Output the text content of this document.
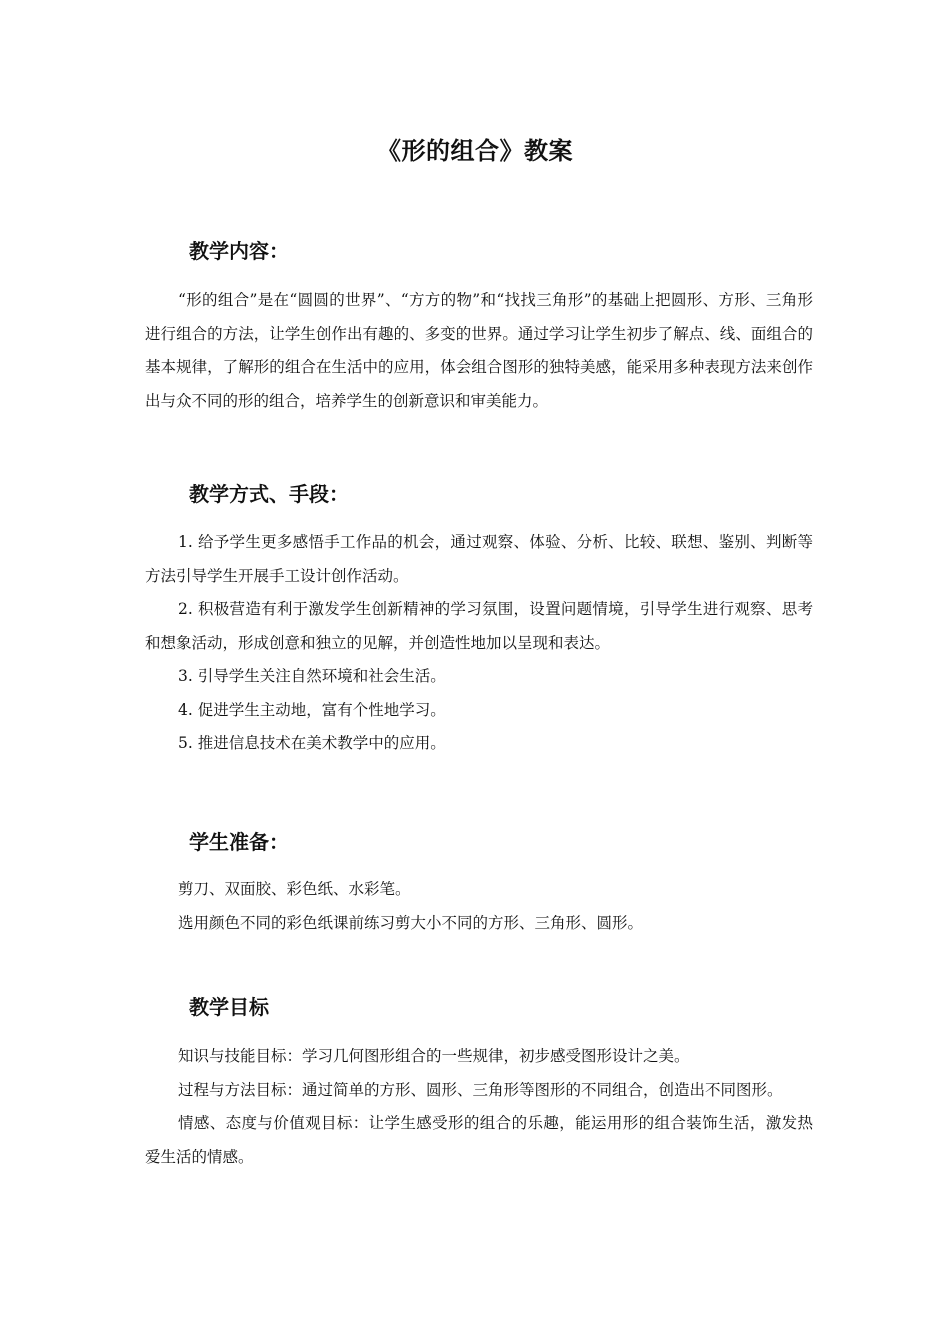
《形的组合》教案
教学内容：

“形的组合”是在“圆圆的世界”、“方方的物”和“找找三角形”的基础上把圆形、方形、三角形进行组合的方法，让学生创作出有趣的、多变的世界。通过学习让学生初步了解点、线、面组合的基本规律，了解形的组合在生活中的应用，体会组合图形的独特美感，能采用多种表现方法来创作出与众不同的形的组合，培养学生的创新意识和审美能力。

教学方式、手段：

1. 给予学生更多感悟手工作品的机会，通过观察、体验、分析、比较、联想、鉴别、判断等方法引导学生开展手工设计创作活动。

2. 积极营造有利于激发学生创新精神的学习氛围，设置问题情境，引导学生进行观察、思考和想象活动，形成创意和独立的见解，并创造性地加以呈现和表达。

3. 引导学生关注自然环境和社会生活。

4. 促进学生主动地，富有个性地学习。

5. 推进信息技术在美术教学中的应用。

学生准备：

剪刀、双面胶、彩色纸、水彩笔。

选用颜色不同的彩色纸课前练习剪大小不同的方形、三角形、圆形。

教学目标

知识与技能目标：学习几何图形组合的一些规律，初步感受图形设计之美。

过程与方法目标：通过简单的方形、圆形、三角形等图形的不同组合，创造出不同图形。

情感、态度与价值观目标：让学生感受形的组合的乐趣，能运用形的组合装饰生活，激发热爱生活的情感。
